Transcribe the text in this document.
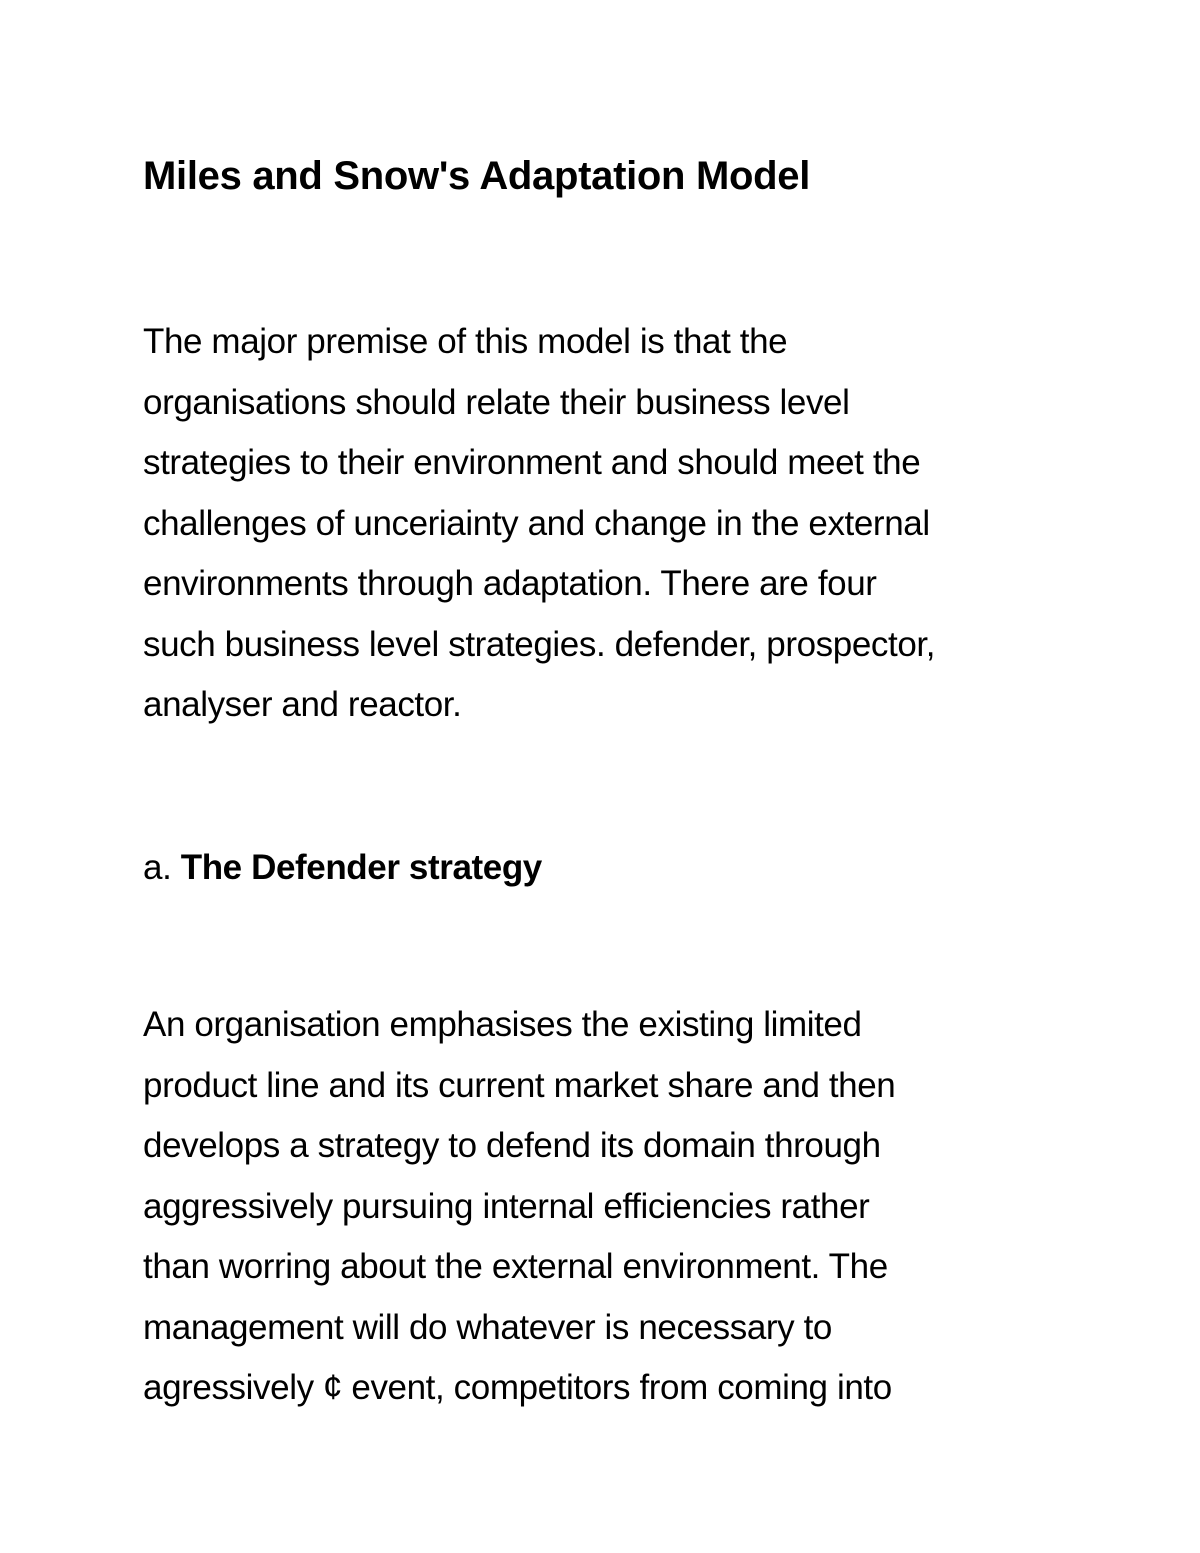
Miles and Snow's Adaptation Model

The major premise of this model is that the
organisations should relate their business level
strategies to their environment and should meet the
challenges of unceriainty and change in the external
environments through adaptation. There are four
such business level strategies. defender, prospector,
analyser and reactor.

a. The Defender strategy

An organisation emphasises the existing limited
product line and its current market share and then
develops a strategy to defend its domain through
aggressively pursuing internal efficiencies rather
than worring about the external environment. The
management will do whatever is necessary to
agressively ¢ event, competitors from coming into
